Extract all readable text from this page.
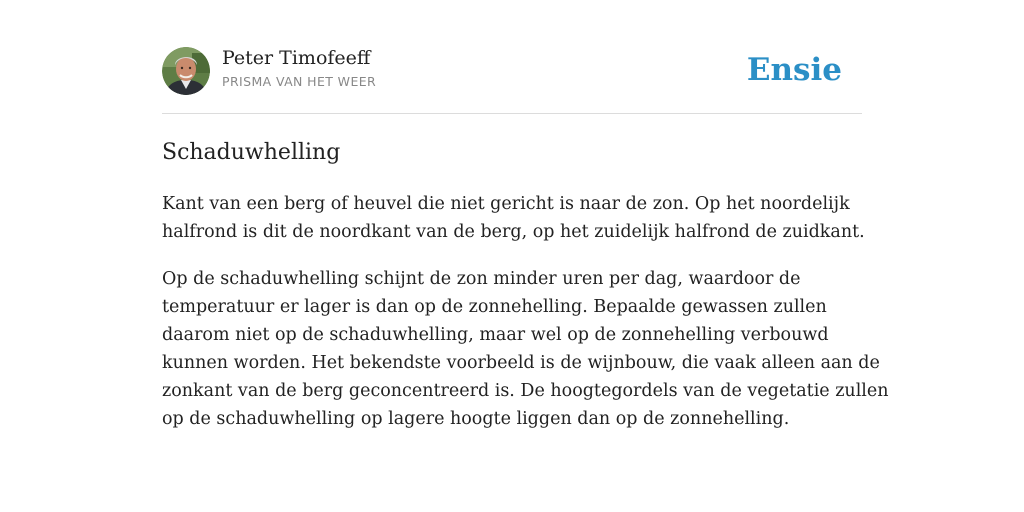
Peter Timofeeff
PRISMA VAN HET WEER	Ensie
Schaduwhelling

Kant van een berg of heuvel die niet gericht is naar de zon. Op het noordelijk
halfrond is dit de noordkant van de berg, op het zuidelijk halfrond de zuidkant.

Op de schaduwhelling schijnt de zon minder uren per dag, waardoor de
temperatuur er lager is dan op de zonnehelling. Bepaalde gewassen zullen
daarom niet op de schaduwhelling, maar wel op de zonnehelling verbouwd
kunnen worden. Het bekendste voorbeeld is de wijnbouw, die vaak alleen aan de
zonkant van de berg geconcentreerd is. De hoogtegordels van de vegetatie zullen
op de schaduwhelling op lagere hoogte liggen dan op de zonnehelling.
